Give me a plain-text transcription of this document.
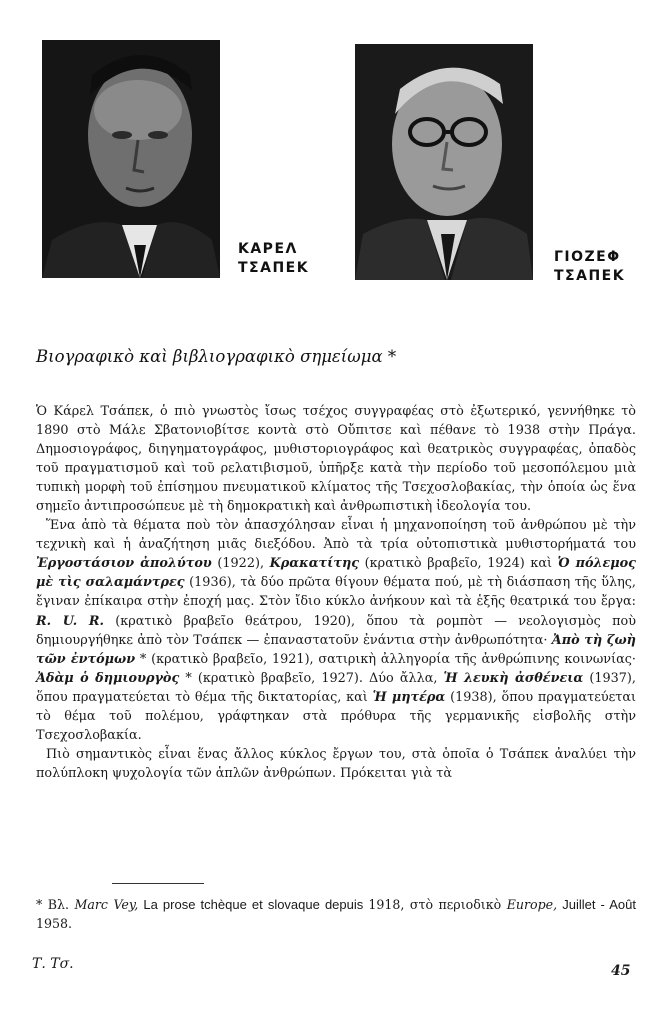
ΚΑΡΕΛ
ΤΣΑΠΕΚ
ΓΙΟΖΕΦ
ΤΣΑΠΕΚ
Βιογραφικὸ καὶ βιβλιογραφικὸ σημείωμα *

Ὁ Κάρελ Τσάπεκ, ὁ πιὸ γνωστὸς ἴσως τσέχος συγγραφέας στὸ ἐξωτερικό, γεννήθηκε τὸ 1890 στὸ Μάλε Σβατονιοβίτσε κοντὰ στὸ Οὔπιτσε καὶ πέθανε τὸ 1938 στὴν Πράγα. Δημοσιογράφος, διηγηματογράφος, μυθιστοριογράφος καὶ θεατρικὸς συγγραφέας, ὀπαδὸς τοῦ πραγματισμοῦ καὶ τοῦ ρελατιβισμοῦ, ὑπῆρξε κατὰ τὴν περίοδο τοῦ μεσοπόλεμου μιὰ τυπικὴ μορφὴ τοῦ ἐπίσημου πνευματικοῦ κλίματος τῆς Τσεχοσλοβακίας, τὴν ὁποία ὡς ἕνα σημεῖο ἀντιπροσώπευε μὲ τὴ δημοκρατικὴ καὶ ἀνθρωπιστικὴ ἰδεολογία του.

Ἕνα ἀπὸ τὰ θέματα ποὺ τὸν ἀπασχόλησαν εἶναι ἡ μηχανοποίηση τοῦ ἀνθρώπου μὲ τὴν τεχνικὴ καὶ ἡ ἀναζήτηση μιᾶς διεξόδου. Ἀπὸ τὰ τρία οὐτοπιστικὰ μυθιστορήματά του Ἐργοστάσιον ἀπολύτου (1922), Κρακατίτης (κρατικὸ βραβεῖο, 1924) καὶ Ὁ πόλεμος μὲ τὶς σαλαμάντρες (1936), τὰ δύο πρῶτα θίγουν θέματα πού, μὲ τὴ διάσπαση τῆς ὕλης, ἔγιναν ἐπίκαιρα στὴν ἐποχή μας. Στὸν ἴδιο κύκλο ἀνήκουν καὶ τὰ ἑξῆς θεατρικά του ἔργα: R. U. R. (κρατικὸ βραβεῖο θεάτρου, 1920), ὅπου τὰ ρομπὸτ — νεολογισμὸς ποὺ δημιουργήθηκε ἀπὸ τὸν Τσάπεκ — ἐπαναστατοῦν ἐνάντια στὴν ἀνθρωπότητα· Ἀπὸ τὴ ζωὴ τῶν ἐντόμων * (κρατικὸ βραβεῖο, 1921), σατιρικὴ ἀλληγορία τῆς ἀνθρώπινης κοινωνίας· Ἀδὰμ ὁ δημιουργὸς * (κρατικὸ βραβεῖο, 1927). Δύο ἄλλα, Ἡ λευκὴ ἀσθένεια (1937), ὅπου πραγματεύεται τὸ θέμα τῆς δικτατορίας, καὶ Ἡ μητέρα (1938), ὅπου πραγματεύεται τὸ θέμα τοῦ πολέμου, γράφτηκαν στὰ πρόθυρα τῆς γερμανικῆς εἰσβολῆς στὴν Τσεχοσλοβακία.

Πιὸ σημαντικὸς εἶναι ἕνας ἄλλος κύκλος ἔργων του, στὰ ὁποῖα ὁ Τσάπεκ ἀναλύει τὴν πολύπλοκη ψυχολογία τῶν ἁπλῶν ἀνθρώπων. Πρόκειται γιὰ τὰ

* Βλ. Marc Vey, La prose tchèque et slovaque depuis 1918, στὸ περιοδικὸ Europe, Juillet - Août 1958.
Τ. Τσ.	45
